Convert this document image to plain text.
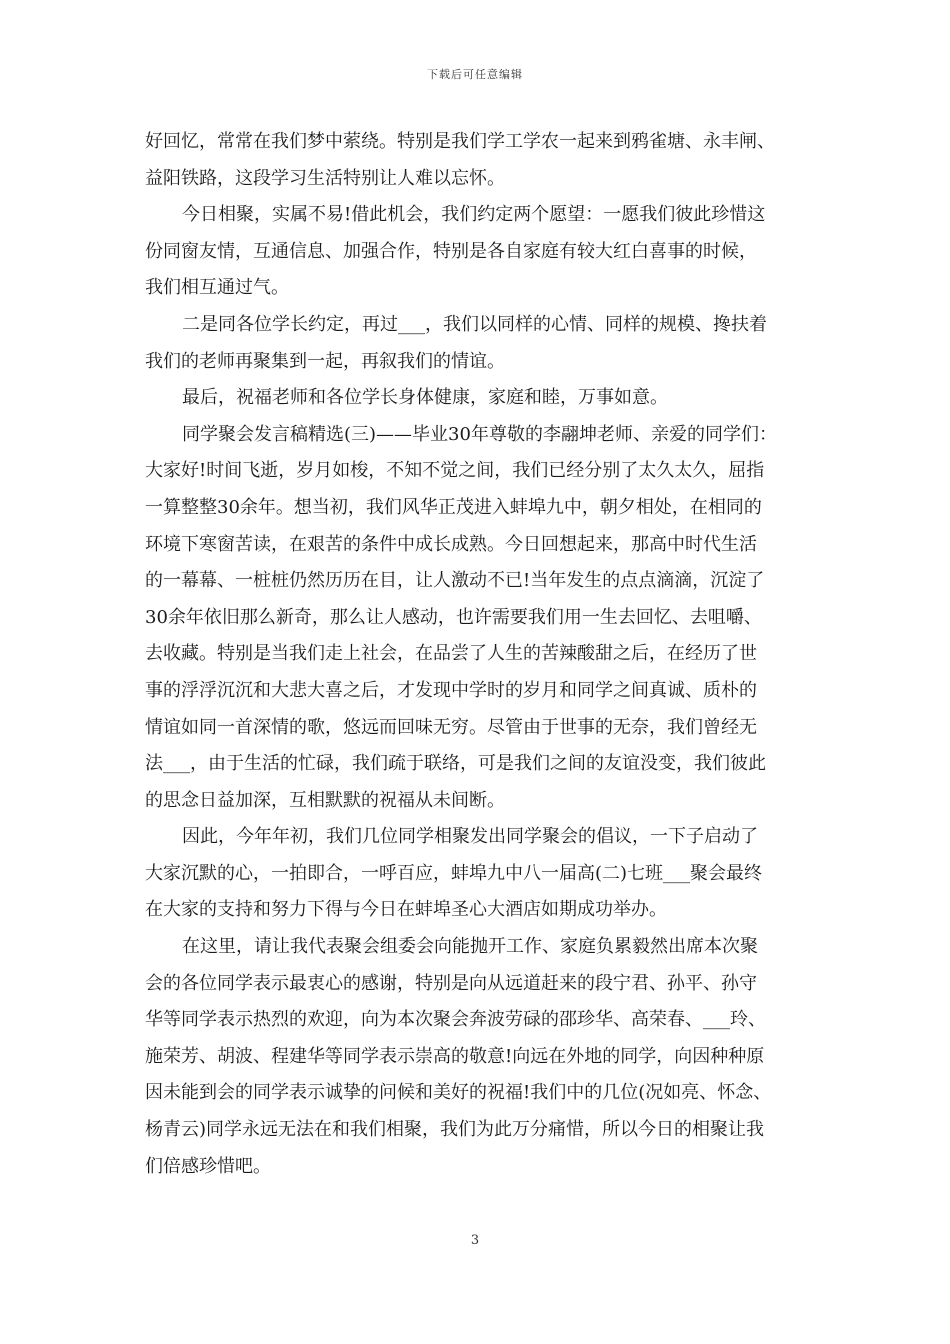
下载后可任意编辑
好回忆，常常在我们梦中萦绕。特别是我们学工学农一起来到鸦雀塘、永丰闸、
益阳铁路，这段学习生活特别让人难以忘怀。
今日相聚，实属不易!借此机会，我们约定两个愿望：一愿我们彼此珍惜这
份同窗友情，互通信息、加强合作，特别是各自家庭有较大红白喜事的时候，
我们相互通过气。
二是同各位学长约定，再过___，我们以同样的心情、同样的规模、搀扶着
我们的老师再聚集到一起，再叙我们的情谊。
最后，祝福老师和各位学长身体健康，家庭和睦，万事如意。
同学聚会发言稿精选(三)——毕业30年尊敬的李翮坤老师、亲爱的同学们：
大家好!时间飞逝，岁月如梭，不知不觉之间，我们已经分别了太久太久，屈指
一算整整30余年。想当初，我们风华正茂进入蚌埠九中，朝夕相处，在相同的
环境下寒窗苦读，在艰苦的条件中成长成熟。今日回想起来，那高中时代生活
的一幕幕、一桩桩仍然历历在目，让人激动不已!当年发生的点点滴滴，沉淀了
30余年依旧那么新奇，那么让人感动，也许需要我们用一生去回忆、去咀嚼、
去收藏。特别是当我们走上社会，在品尝了人生的苦辣酸甜之后，在经历了世
事的浮浮沉沉和大悲大喜之后，才发现中学时的岁月和同学之间真诚、质朴的
情谊如同一首深情的歌，悠远而回味无穷。尽管由于世事的无奈，我们曾经无
法___，由于生活的忙碌，我们疏于联络，可是我们之间的友谊没变，我们彼此
的思念日益加深，互相默默的祝福从未间断。
因此，今年年初，我们几位同学相聚发出同学聚会的倡议，一下子启动了
大家沉默的心，一拍即合，一呼百应，蚌埠九中八一届高(二)七班___聚会最终
在大家的支持和努力下得与今日在蚌埠圣心大酒店如期成功举办。
在这里，请让我代表聚会组委会向能抛开工作、家庭负累毅然出席本次聚
会的各位同学表示最衷心的感谢，特别是向从远道赶来的段宁君、孙平、孙守
华等同学表示热烈的欢迎，向为本次聚会奔波劳碌的邵珍华、高荣春、___玲、
施荣芳、胡波、程建华等同学表示崇高的敬意!向远在外地的同学，向因种种原
因未能到会的同学表示诚挚的问候和美好的祝福!我们中的几位(况如亮、怀念、
杨青云)同学永远无法在和我们相聚，我们为此万分痛惜，所以今日的相聚让我
们倍感珍惜吧。
3
